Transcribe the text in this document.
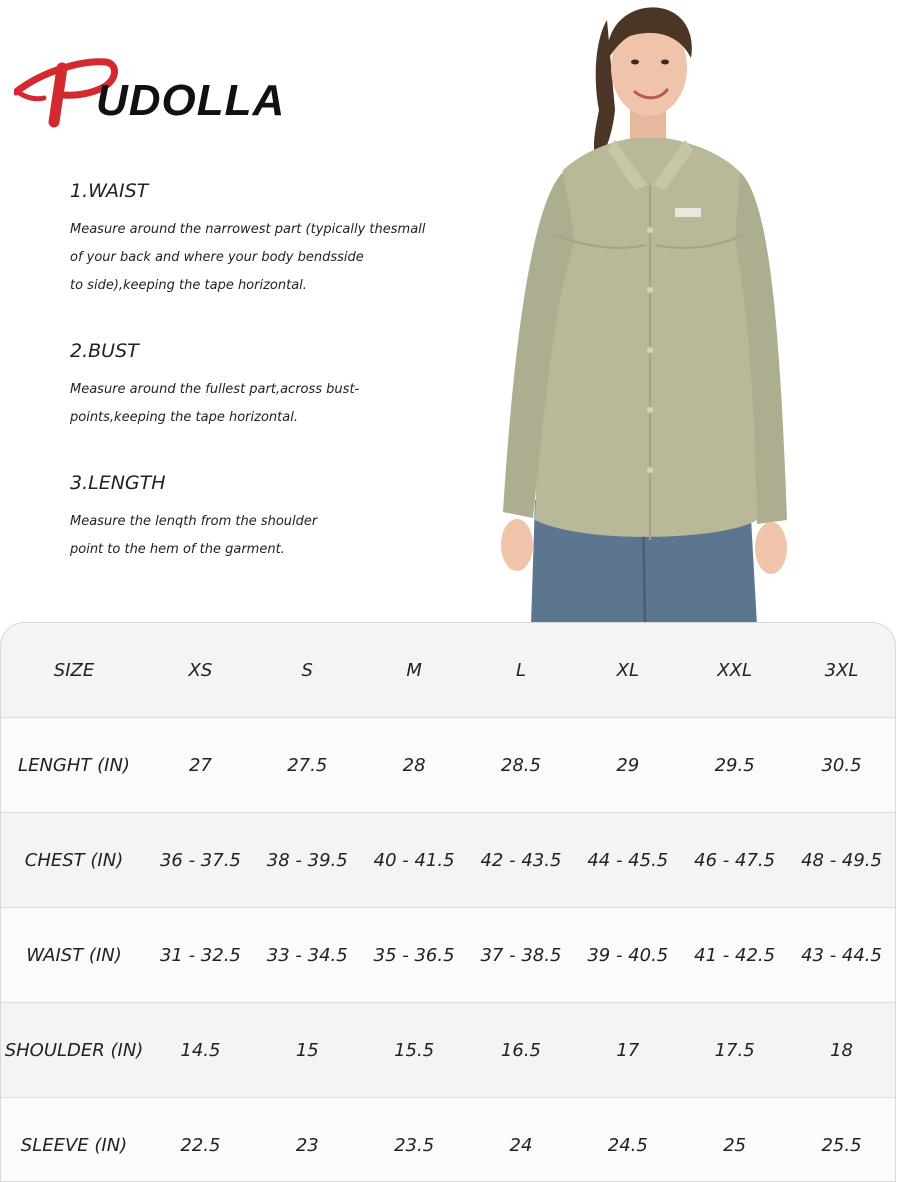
UDOLLA

1.WAIST

Measure around the narrowest part (typically thesmall
of your back and where your body bendsside
to side),keeping the tape horizontal.

2.BUST

Measure around the fullest part,across bust-
points,keeping the tape horizontal.

3.LENGTH

Measure the lenqth from the shoulder
point to the hem of the garment.

SIZE	XS	S	M	L	XL	XXL	3XL
LENGHT (IN)	27	27.5	28	28.5	29	29.5	30.5
CHEST (IN)	36 - 37.5	38 - 39.5	40 - 41.5	42 - 43.5	44 - 45.5	46 - 47.5	48 - 49.5
WAIST (IN)	31 - 32.5	33 - 34.5	35 - 36.5	37 - 38.5	39 - 40.5	41 - 42.5	43 - 44.5
SHOULDER (IN)	14.5	15	15.5	16.5	17	17.5	18
SLEEVE (IN)	22.5	23	23.5	24	24.5	25	25.5
